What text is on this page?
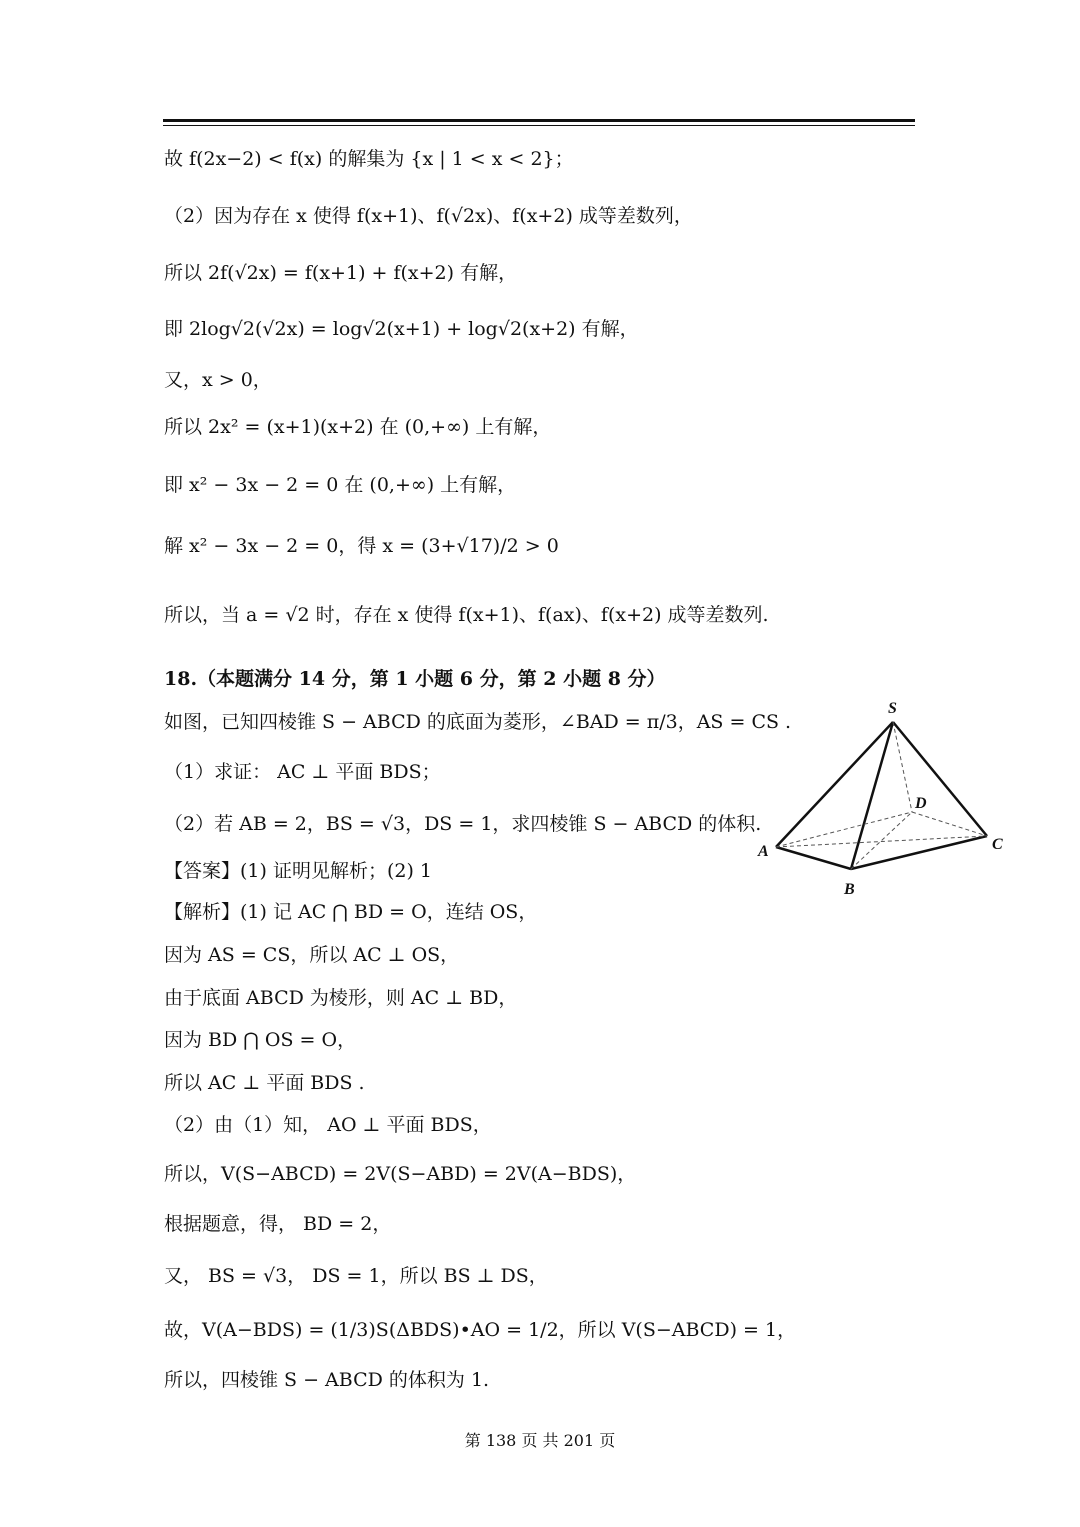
故 f(2x−2) < f(x) 的解集为 {x | 1 < x < 2}；
（2）因为存在 x 使得 f(x+1)、f(√2x)、f(x+2) 成等差数列，
所以 2f(√2x) = f(x+1) + f(x+2) 有解，
即 2log√2(√2x) = log√2(x+1) + log√2(x+2) 有解，
又，x > 0，
所以 2x² = (x+1)(x+2) 在 (0,+∞) 上有解，
即 x² − 3x − 2 = 0 在 (0,+∞) 上有解，
解 x² − 3x − 2 = 0，得 x = (3+√17)/2 > 0
所以，当 a = √2 时，存在 x 使得 f(x+1)、f(ax)、f(x+2) 成等差数列.
18.（本题满分 14 分，第 1 小题 6 分，第 2 小题 8 分）
如图，已知四棱锥 S − ABCD 的底面为菱形，∠BAD = π/3，AS = CS .
（1）求证： AC ⊥ 平面 BDS；
（2）若 AB = 2，BS = √3，DS = 1，求四棱锥 S − ABCD 的体积.
【答案】(1) 证明见解析；(2) 1
【解析】(1) 记 AC ⋂ BD = O，连结 OS，
因为 AS = CS，所以 AC ⊥ OS，
由于底面 ABCD 为棱形，则 AC ⊥ BD，
因为 BD ⋂ OS = O，
所以 AC ⊥ 平面 BDS .
（2）由（1）知， AO ⊥ 平面 BDS，
所以，V(S−ABCD) = 2V(S−ABD) = 2V(A−BDS)，
根据题意，得， BD = 2，
又， BS = √3， DS = 1，所以 BS ⊥ DS，
故，V(A−BDS) = (1/3)S(ΔBDS)•AO = 1/2，所以 V(S−ABCD) = 1，
所以，四棱锥 S − ABCD 的体积为 1.
S
A
B
C
D
第 138 页 共 201 页
